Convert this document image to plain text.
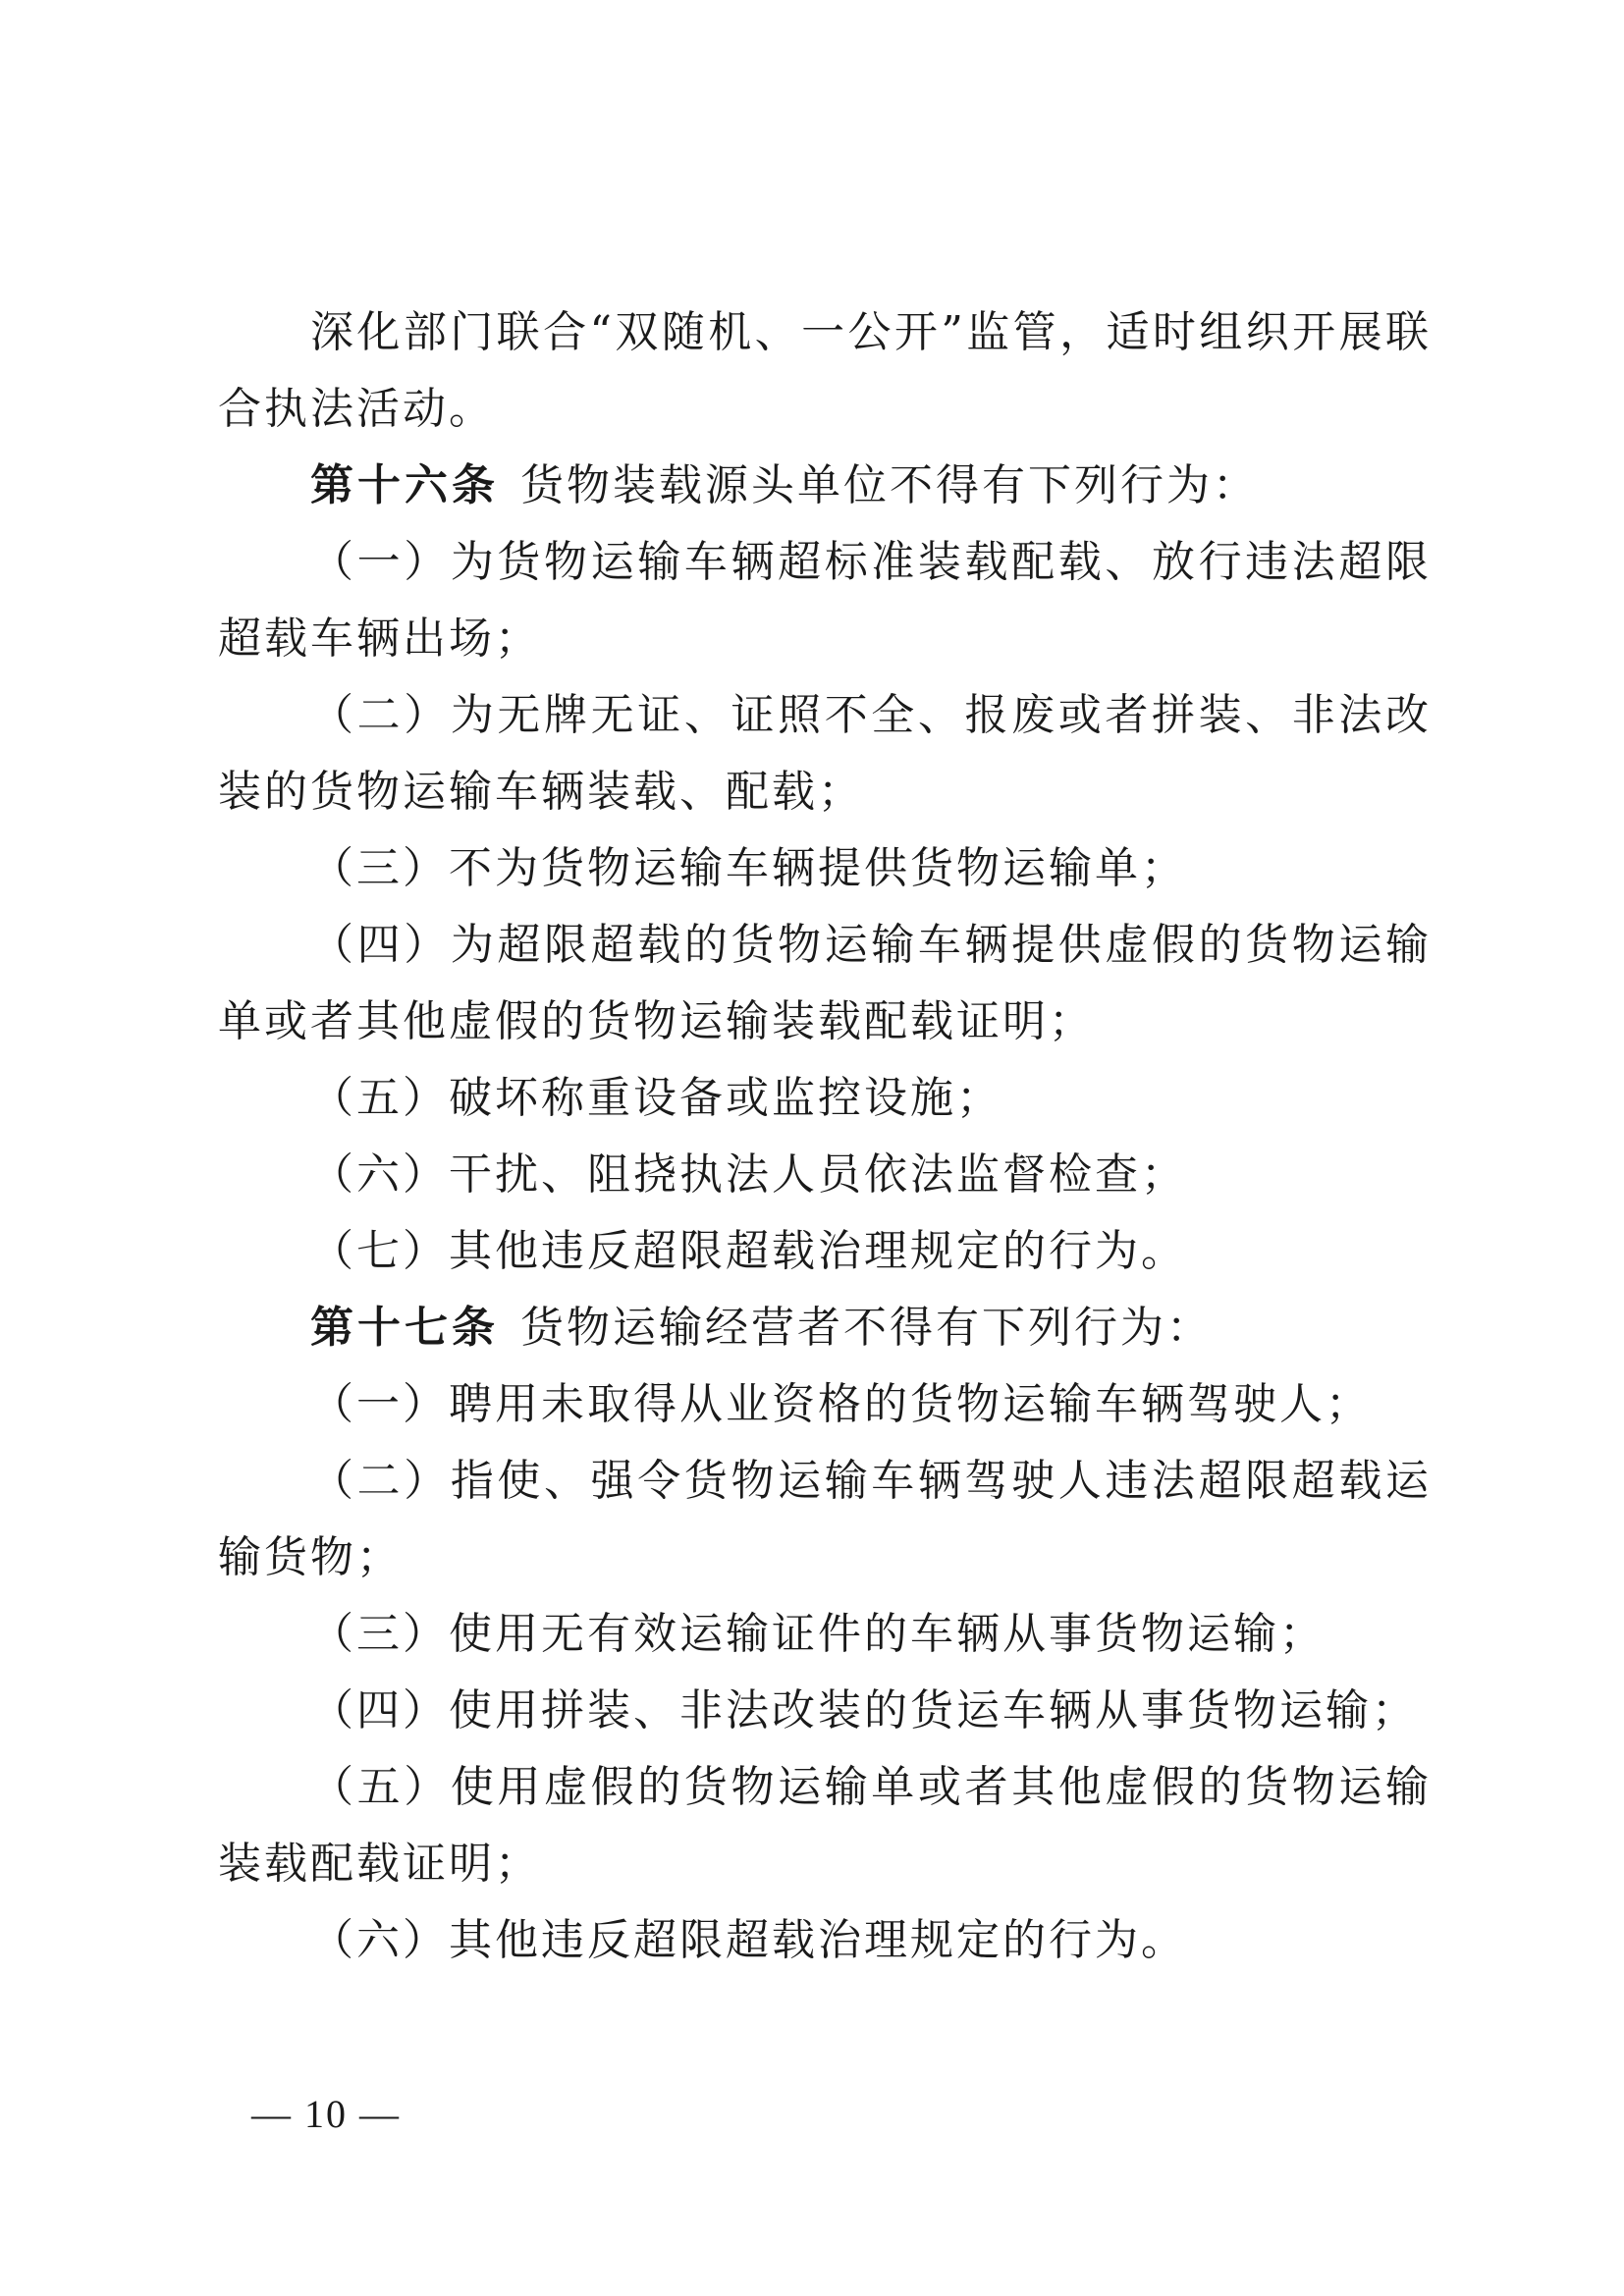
深化部门联合“双随机、一公开”监管，适时组织开展联合执法活动。

第十六条 货物装载源头单位不得有下列行为：

（一）为货物运输车辆超标准装载配载、放行违法超限超载车辆出场；

（二）为无牌无证、证照不全、报废或者拼装、非法改装的货物运输车辆装载、配载；

（三）不为货物运输车辆提供货物运输单；

（四）为超限超载的货物运输车辆提供虚假的货物运输单或者其他虚假的货物运输装载配载证明；

（五）破坏称重设备或监控设施；

（六）干扰、阻挠执法人员依法监督检查；

（七）其他违反超限超载治理规定的行为。

第十七条 货物运输经营者不得有下列行为：

（一）聘用未取得从业资格的货物运输车辆驾驶人；

（二）指使、强令货物运输车辆驾驶人违法超限超载运输货物；

（三）使用无有效运输证件的车辆从事货物运输；

（四）使用拼装、非法改装的货运车辆从事货物运输；

（五）使用虚假的货物运输单或者其他虚假的货物运输装载配载证明；

（六）其他违反超限超载治理规定的行为。

— 10 —
